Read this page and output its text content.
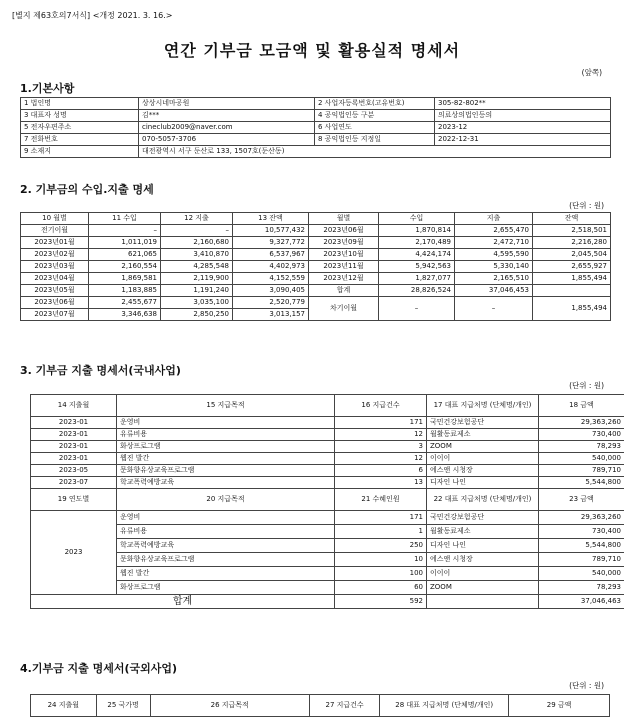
[별지 제63호의7서식] <개정 2021. 3. 16.>
연간 기부금 모금액 및 활용실적 명세서
(앞쪽)
1.기본사항
1 법인명	상상시네마공원	2 사업자등록번호(고유번호)	305-82-802**
3 대표자 성명	김***	4 공익법인등 구분	의료상의법인등의
5 전자우편주소	cineclub2009@naver.com	6 사업연도	2023-12
7 전화번호	070-5057-3706	8 공익법인등 지정일	2022-12-31
9 소재지	대전광역시 서구 둔산로 133, 1507호(둔산동)		
2. 기부금의 수입.지출 명세
(단위 : 원)
10 월별	11 수입	12 지출	13 잔액	월별	수입	지출	잔액
전기이월	–	–	10,577,432	2023년06월	1,870,814	2,655,470	2,518,501
2023년01월	1,011,019	2,160,680	9,327,772	2023년09월	2,170,489	2,472,710	2,216,280
2023년02월	621,065	3,410,870	6,537,967	2023년10월	4,424,174	4,595,590	2,045,504
2023년03월	2,160,554	4,285,548	4,402,973	2023년11월	5,942,563	5,330,140	2,655,927
2023년04월	1,869,581	2,119,900	4,152,559	2023년12월	1,827,077	2,165,510	1,855,494
2023년05월	1,183,885	1,191,240	3,090,405	합계	28,826,524	37,046,453	
2023년06월	2,455,677	3,035,100	2,520,779	차기이월	–	–	1,855,494
2023년07월	3,346,638	2,850,250	3,013,157				
3. 기부금 지출 명세서(국내사업)
(단위 : 원)
14 지출월	15 지급목적	16 지급건수	17 대표 지급처명 (단체명/개인)	18 금액
2023-01	운영비	171	국민건강보험공단	29,363,260
2023-01	유류비용	12	월활동료제소	730,400
2023-01	화상프로그램	3	ZOOM	78,293
2023-01	웹진 발간	12	이이이	540,000
2023-05	문화향유상교육프로그램	6	에스앤 시청장	789,710
2023-07	학교폭력예방교육	13	디자인 나인	5,544,800
19 연도별	20 지급목적	21 수혜인원	22 대표 지급처명 (단체명/개인)	23 금액
2023	운영비	171	국민건강보험공단	29,363,260
	유류비용	1	월활동료제소	730,400
	학교폭력예방교육	250	디자인 나인	5,544,800
	문화향유상교육프로그램	10	에스앤 시청장	789,710
	웹진 발간	100	이이이	540,000
	화상프로그램	60	ZOOM	78,293
합계		592		37,046,463
4.기부금 지출 명세서(국외사업)
(단위 : 원)
24 지출월	25 국가명	26 지급목적	27 지급건수	28 대표 지급처명 (단체명/개인)	29 금액
